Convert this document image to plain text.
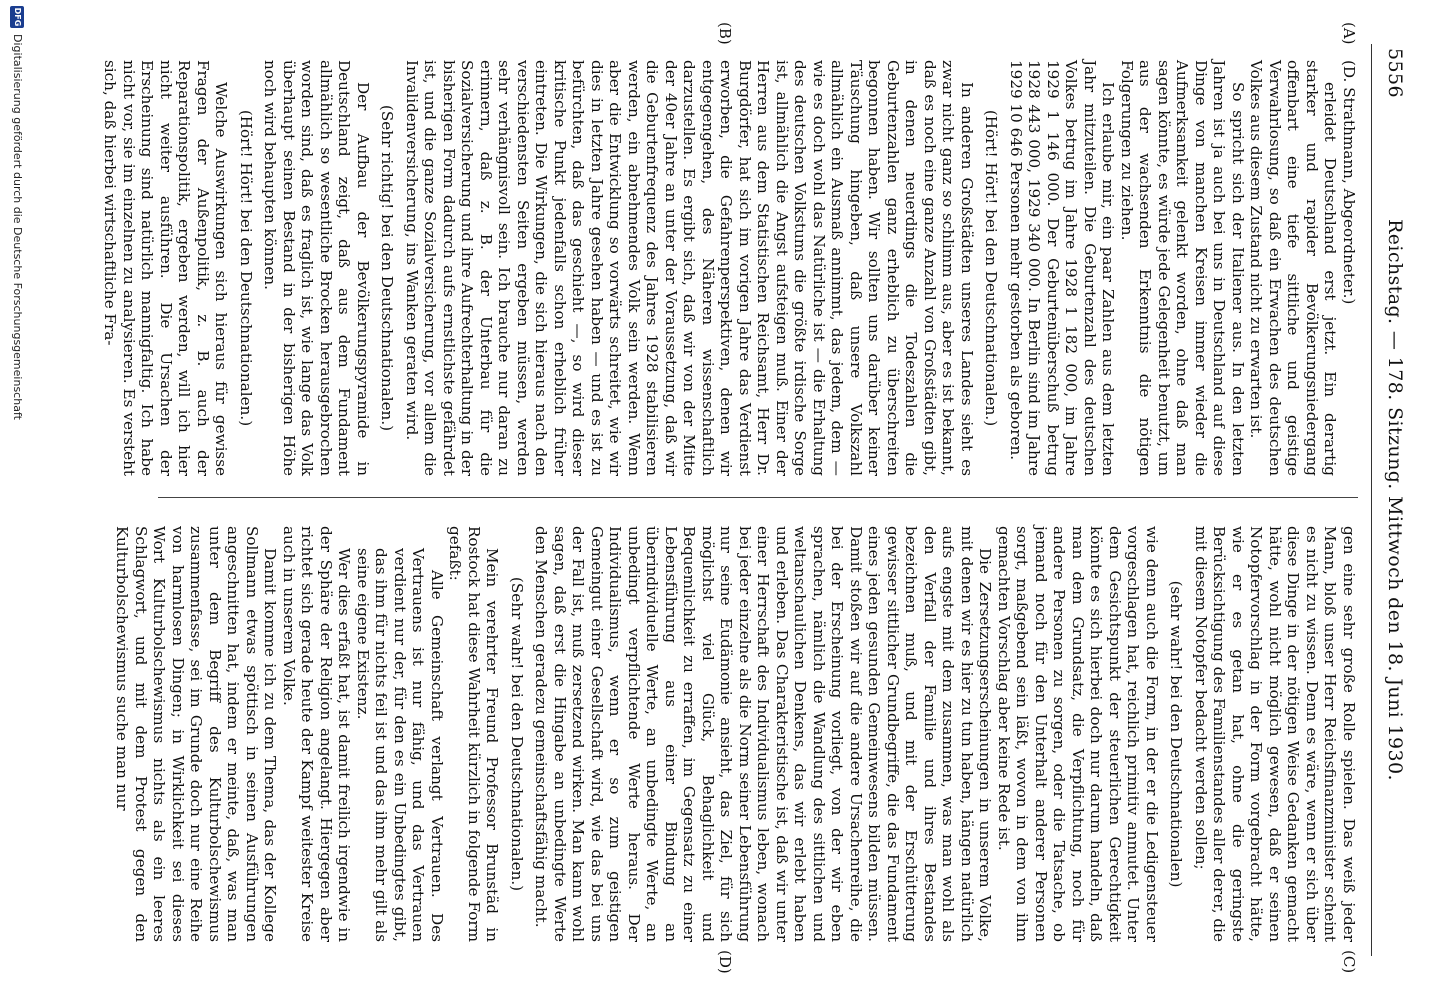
5556
Reichstag. — 178. Sitzung. Mittwoch den 18. Juni 1930.
(A)
(B)
(C)
(D)

(D. Strathmann, Abgeordneter.)

erleidet Deutschland erst jetzt. Ein derartig starker und rapider Bevölkerungsniedergang offenbart eine tiefe sittliche und geistige Verwahrlosung, so daß ein Erwachen des deutschen Volkes aus diesem Zustand nicht zu erwarten ist.

So spricht sich der Italiener aus. In den letzten Jahren ist ja auch bei uns in Deutschland auf diese Dinge von manchen Kreisen immer wieder die Aufmerksamkeit gelenkt worden, ohne daß man sagen könnte, es würde jede Gelegenheit benutzt, um aus der wachsenden Erkenntnis die nötigen Folgerungen zu ziehen.

Ich erlaube mir, ein paar Zahlen aus dem letzten Jahr mitzuteilen. Die Geburtenzahl des deutschen Volkes betrug im Jahre 1928 1 182 000, im Jahre 1929 1 146 000. Der Geburtenüberschuß betrug 1928 443 000, 1929 340 000. In Berlin sind im Jahre 1929 10 646 Personen mehr gestorben als geboren.

(Hört! Hört! bei den Deutschnationalen.)

In anderen Großstädten unseres Landes sieht es zwar nicht ganz so schlimm aus, aber es ist bekannt, daß es noch eine ganze Anzahl von Großstädten gibt, in denen neuerdings die Todeszahlen die Geburtenzahlen ganz erheblich zu überschreiten begonnen haben. Wir sollten uns darüber keiner Täuschung hingeben, daß unsere Volkszahl allmählich ein Ausmaß annimmt, das jedem, dem — wie es doch wohl das Natürliche ist — die Erhaltung des deutschen Volkstums die größte irdische Sorge ist, allmählich die Angst aufsteigen muß. Einer der Herren aus dem Statistischen Reichsamt, Herr Dr. Burgdörfer, hat sich im vorigen Jahre das Verdienst erworben, die Gefahrenperspektiven, denen wir entgegengehen, des Näheren wissenschaftlich darzustellen. Es ergibt sich, daß wir von der Mitte der 40er Jahre an unter der Voraussetzung, daß wir die Geburtenfrequenz des Jahres 1928 stabilisieren werden, ein abnehmendes Volk sein werden. Wenn aber die Entwicklung so vorwärts schreitet, wie wir dies in letzten Jahre gesehen haben — und es ist zu befürchten, daß das geschieht —, so wird dieser kritische Punkt jedenfalls schon erheblich früher eintreten. Die Wirkungen, die sich hieraus nach den verschiedensten Seiten ergeben müssen, werden sehr verhängnisvoll sein. Ich brauche nur daran zu erinnern, daß z. B. der Unterbau für die Sozialversicherung und ihre Aufrechterhaltung in der bisherigen Form dadurch aufs ernstlichste gefährdet ist, und die ganze Sozialversicherung, vor allem die Invalidenversicherung, ins Wanken geraten wird.

(Sehr richtig! bei den Deutschnationalen.)

Der Aufbau der Bevölkerungspyramide in Deutschland zeigt, daß aus dem Fundament allmählich so wesentliche Brocken herausgebrochen worden sind, daß es fraglich ist, wie lange das Volk überhaupt seinen Bestand in der bisherigen Höhe noch wird behaupten können.

(Hört! Hört! bei den Deutschnationalen.)

Welche Auswirkungen sich hieraus für gewisse Fragen der Außenpolitik, z. B. auch der Reparationspolitik, ergeben werden, will ich hier nicht weiter ausführen. Die Ursachen der Erscheinung sind natürlich mannigfaltig. Ich habe nicht vor, sie im einzelnen zu analysieren. Es versteht sich, daß hierbei wirtschaftliche Fra-

gen eine sehr große Rolle spielen. Das weiß jeder Mann, bloß unser Herr Reichsfinanzminister scheint es nicht zu wissen. Denn es wäre, wenn er sich über diese Dinge in der nötigen Weise Gedanken gemacht hätte, wohl nicht möglich gewesen, daß er seinen Notopfervorschlag in der Form vorgebracht hätte, wie er es getan hat, ohne die geringste Berücksichtigung des Familienstandes aller derer, die mit diesem Notopfer bedacht werden sollen;

(sehr wahr! bei den Deutschnationalen)

wie denn auch die Form, in der er die Ledigensteuer vorgeschlagen hat, reichlich primitiv anmutet. Unter dem Gesichtspunkt der steuerlichen Gerechtigkeit könnte es sich hierbei doch nur darum handeln, daß man dem Grundsatz, die Verpflichtung, noch für andere Personen zu sorgen, oder die Tatsache, ob jemand noch für den Unterhalt anderer Personen sorgt, maßgebend sein läßt, wovon in dem von ihm gemachten Vorschlag aber keine Rede ist.

Die Zersetzungserscheinungen in unserem Volke, mit denen wir es hier zu tun haben, hängen natürlich aufs engste mit dem zusammen, was man wohl als den Verfall der Familie und ihres Bestandes bezeichnen muß, und mit der Erschütterung gewisser sittlicher Grundbegriffe, die das Fundament eines jeden gesunden Gemeinwesens bilden müssen. Damit stoßen wir auf die andere Ursachenreihe, die bei der Erscheinung vorliegt, von der wir eben sprachen, nämlich die Wandlung des sittlichen und weltanschaulichen Denkens, das wir erlebt haben und erleben. Das Charakteristische ist, daß wir unter einer Herrschaft des Individualismus leben, wonach bei jeder einzelne als die Norm seiner Lebensführung nur seine Eudämonie ansieht, das Ziel, für sich möglichst viel Glück, Behaglichkeit und Bequemlichkeit zu erraffen, im Gegensatz zu einer Lebensführung aus einer Bindung an überindividuelle Werte, an unbedingte Werte, an unbedingt verpflichtende Werte heraus. Der Individualismus, wenn er so zum geistigen Gemeingut einer Gesellschaft wird, wie das bei uns der Fall ist, muß zersetzend wirken. Man kann wohl sagen, daß erst die Hingabe an unbedingte Werte den Menschen geradezu gemeinschaftsfähig macht.

(Sehr wahr! bei den Deutschnationalen.)

Mein verehrter Freund Professor Brunstäd in Rostock hat diese Wahrheit kürzlich in folgende Form gefaßt:

Alle Gemeinschaft verlangt Vertrauen. Des Vertrauens ist nur fähig, und das Vertrauen verdient nur der, für den es ein Unbedingtes gibt, das ihm für nichts feil ist und das ihm mehr gilt als seine eigene Existenz.

Wer dies erfaßt hat, ist damit freilich irgendwie in der Sphäre der Religion angelangt. Hiergegen aber richtet sich gerade heute der Kampf weitester Kreise auch in unserem Volke.

Damit komme ich zu dem Thema, das der Kollege Sollmann etwas spöttisch in seinen Ausführungen angeschnitten hat, indem er meinte, daß, was man unter dem Begriff des Kulturbolschewismus zusammenfasse, sei im Grunde doch nur eine Reihe von harmlosen Dingen; in Wirklichkeit sei dieses Wort Kulturbolschewismus nichts als ein leeres Schlagwort, und mit dem Protest gegen den Kulturbolschewismus suche man nur

DFG
Digitalisierung gefördert durch die Deutsche Forschungsgemeinschaft
